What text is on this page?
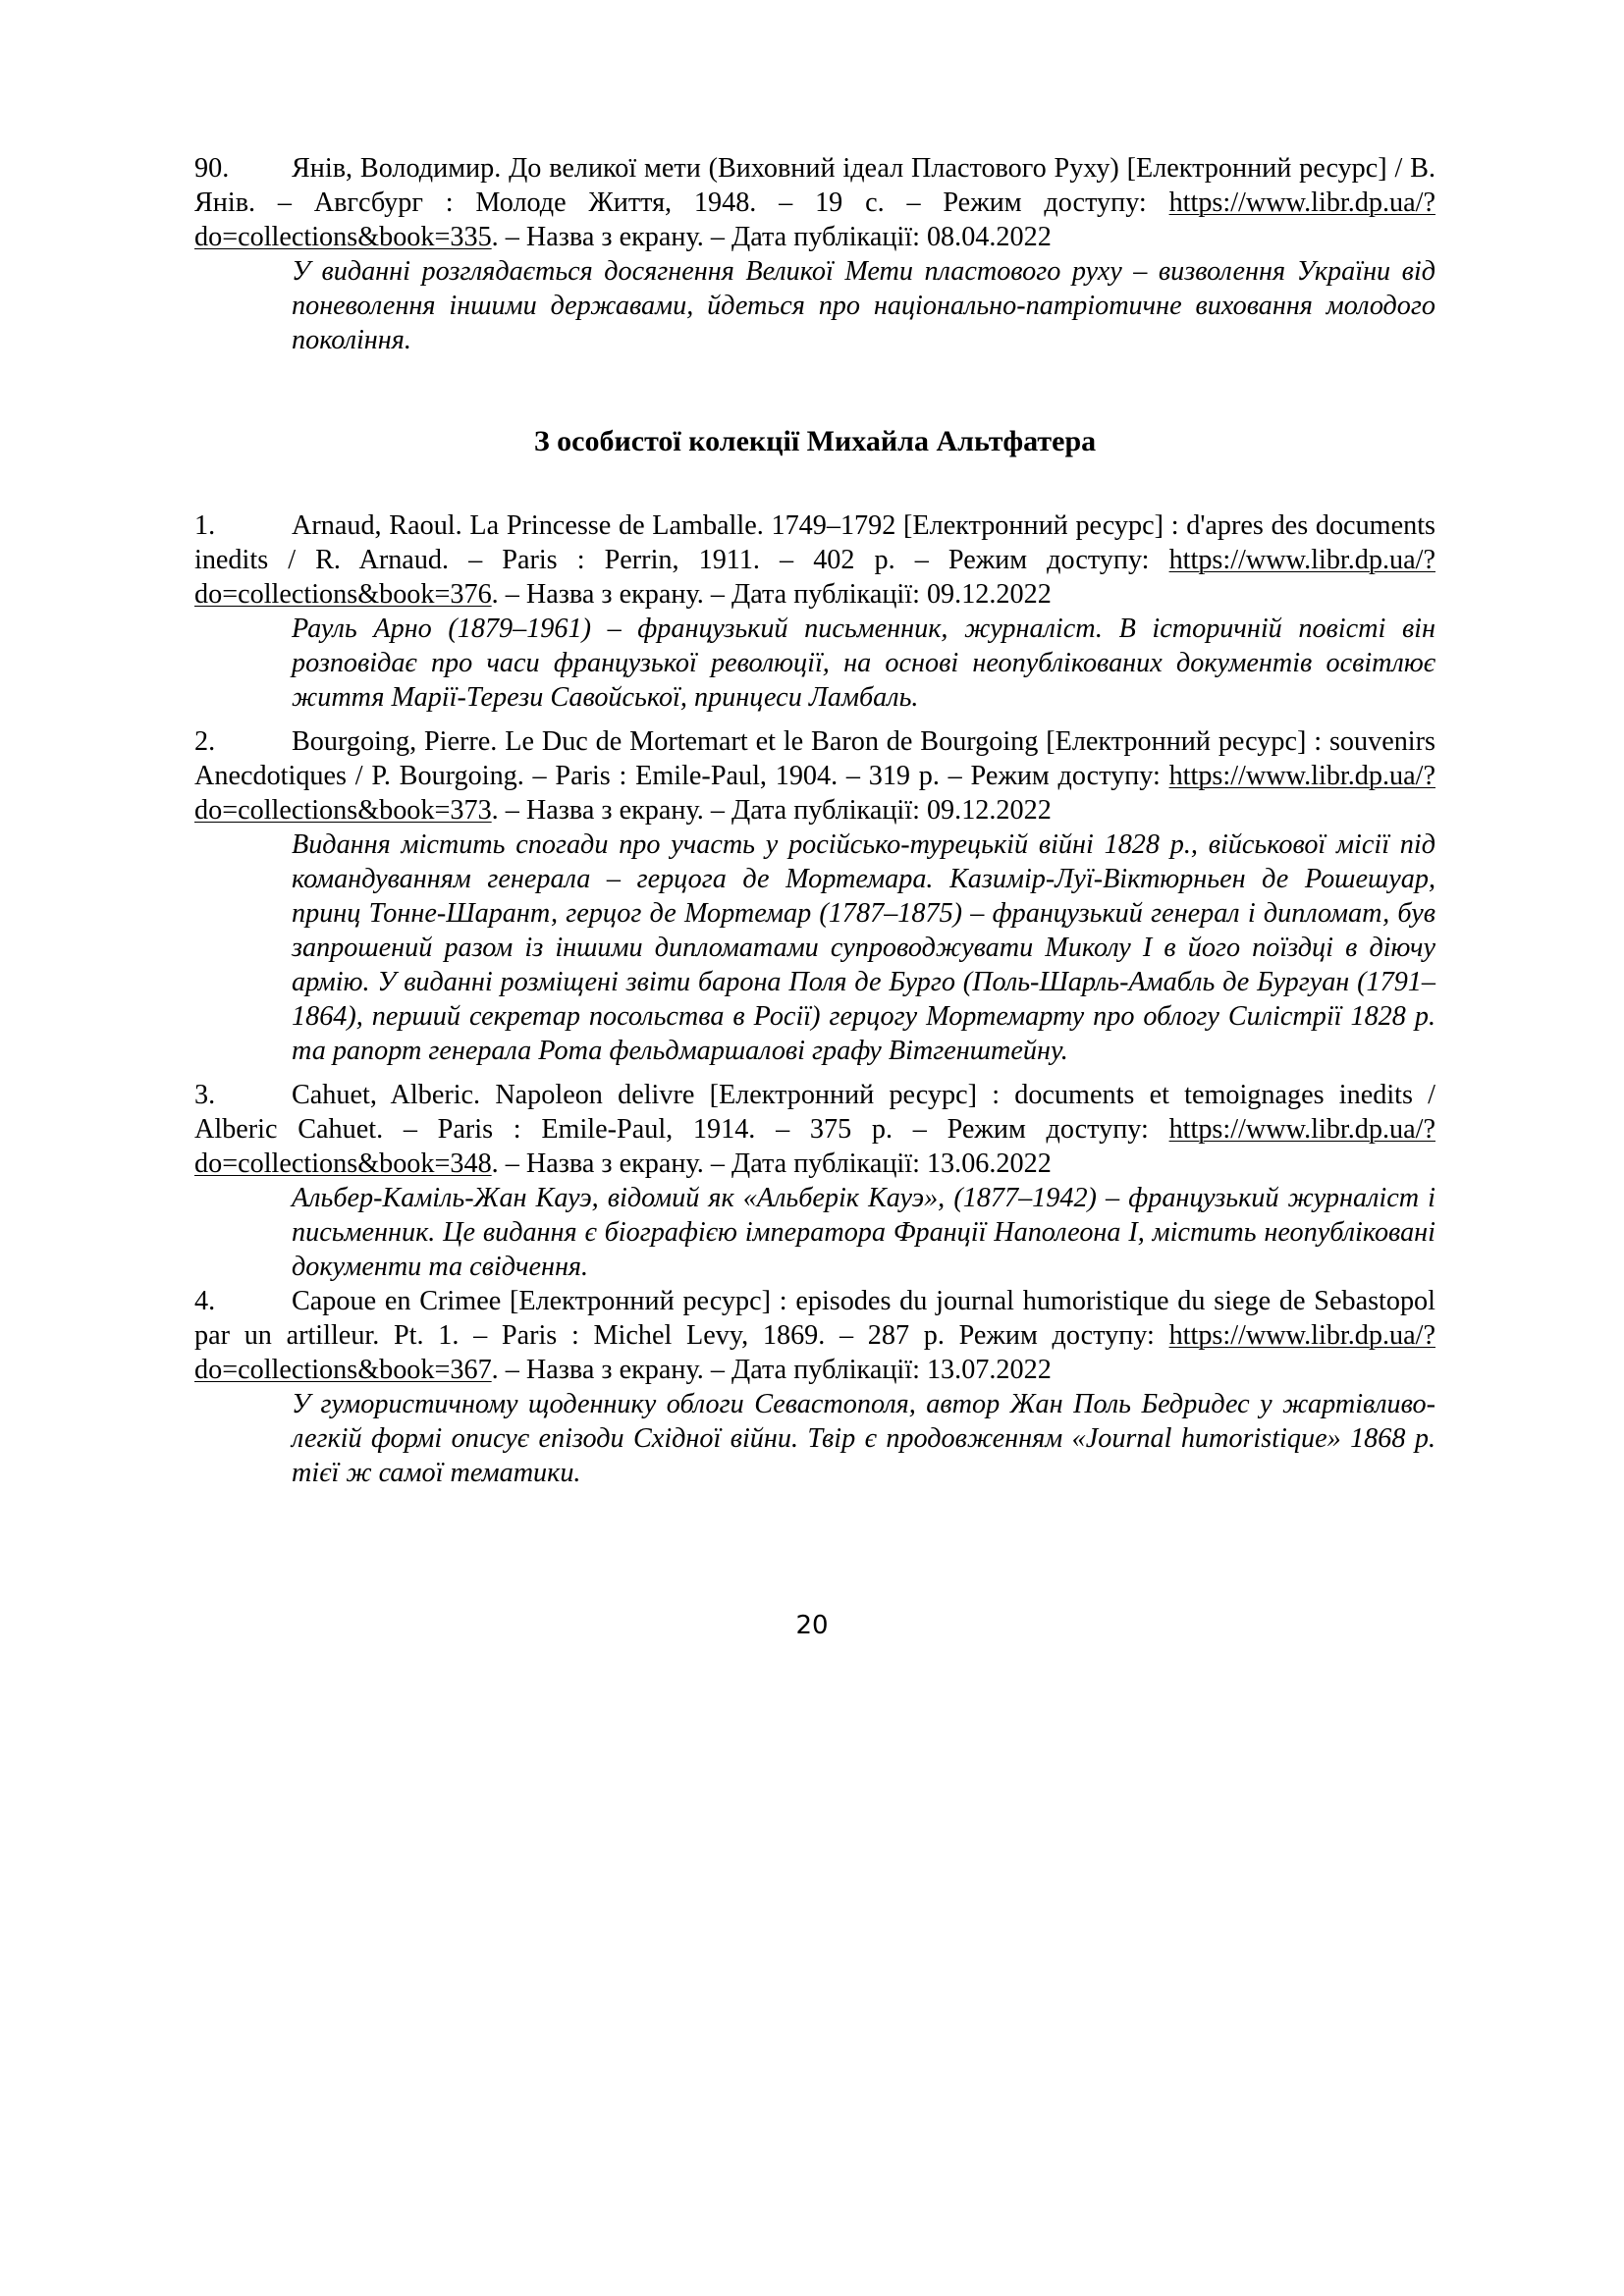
90. Янів, Володимир. До великої мети (Виховний ідеал Пластового Руху) [Електронний ресурс] / В. Янів. – Авгсбург : Молоде Життя, 1948. – 19 с. – Режим доступу: https://www.libr.dp.ua/?do=collections&book=335. – Назва з екрану. – Дата публікації: 08.04.2022

У виданні розглядається досягнення Великої Мети пластового руху – визволення України від поневолення іншими державами, йдеться про національно-патріотичне виховання молодого покоління.

З особистої колекції Михайла Альтфатера

1.	Arnaud, Raoul. La Princesse de Lamballe. 1749–1792 [Електронний ресурс] : d'apres des documents inedits / R. Arnaud. – Paris : Perrin, 1911. – 402 p. – Режим доступу: https://www.libr.dp.ua/?do=collections&book=376. – Назва з екрану. – Дата публікації: 09.12.2022

Рауль Арно (1879–1961) – французький письменник, журналіст. В історичній повісті він розповідає про часи французької революції, на основі неопублікованих документів освітлює життя Марії-Терези Савойської, принцеси Ламбаль.

2.	Bourgoing, Pierre. Le Duc de Mortemart et le Baron de Bourgoing [Електронний ресурс] : souvenirs Anecdotiques / P. Bourgoing. – Paris : Emile-Paul, 1904. – 319 p. – Режим доступу: https://www.libr.dp.ua/?do=collections&book=373. – Назва з екрану. – Дата публікації: 09.12.2022

Видання містить спогади про участь у російсько-турецькій війні 1828 р., військової місії під командуванням генерала – герцога де Мортемара. Казимір-Луї-Віктюрньен де Рошешуар, принц Тонне-Шарант, герцог де Мортемар (1787–1875) – французький генерал і дипломат, був запрошений разом із іншими дипломатами супроводжувати Миколу І в його поїздці в діючу армію. У виданні розміщені звіти барона Поля де Бурго (Поль-Шарль-Амабль де Бургуан (1791–1864), перший секретар посольства в Росії) герцогу Мортемарту про облогу Силістрії 1828 р. та рапорт генерала Рота фельдмаршалові графу Вітгенштейну.

3.	Cahuet, Alberic. Napoleon delivre [Електронний ресурс] : documents et temoignages inedits / Alberic Cahuet. – Paris : Emile-Paul, 1914. – 375 p. – Режим доступу: https://www.libr.dp.ua/?do=collections&book=348. – Назва з екрану. – Дата публікації: 13.06.2022

Альбер-Каміль-Жан Кауэ, відомий як «Альберік Кауэ», (1877–1942) – французький журналіст і письменник. Це видання є біографією імператора Франції Наполеона I, містить неопубліковані документи та свідчення.

4.	Capoue en Crimee [Електронний ресурс] : episodes du journal humoristique du siege de Sebastopol par un artilleur. Pt. 1. – Paris : Michel Levy, 1869. – 287 p. Режим доступу: https://www.libr.dp.ua/?do=collections&book=367. – Назва з екрану. – Дата публікації: 13.07.2022

У гумористичному щоденнику облоги Севастополя, автор Жан Поль Бедридес у жартівливо-легкій формі описує епізоди Східної війни. Твір є продовженням «Journal humoristique» 1868 р. тієї ж самої тематики.

20
